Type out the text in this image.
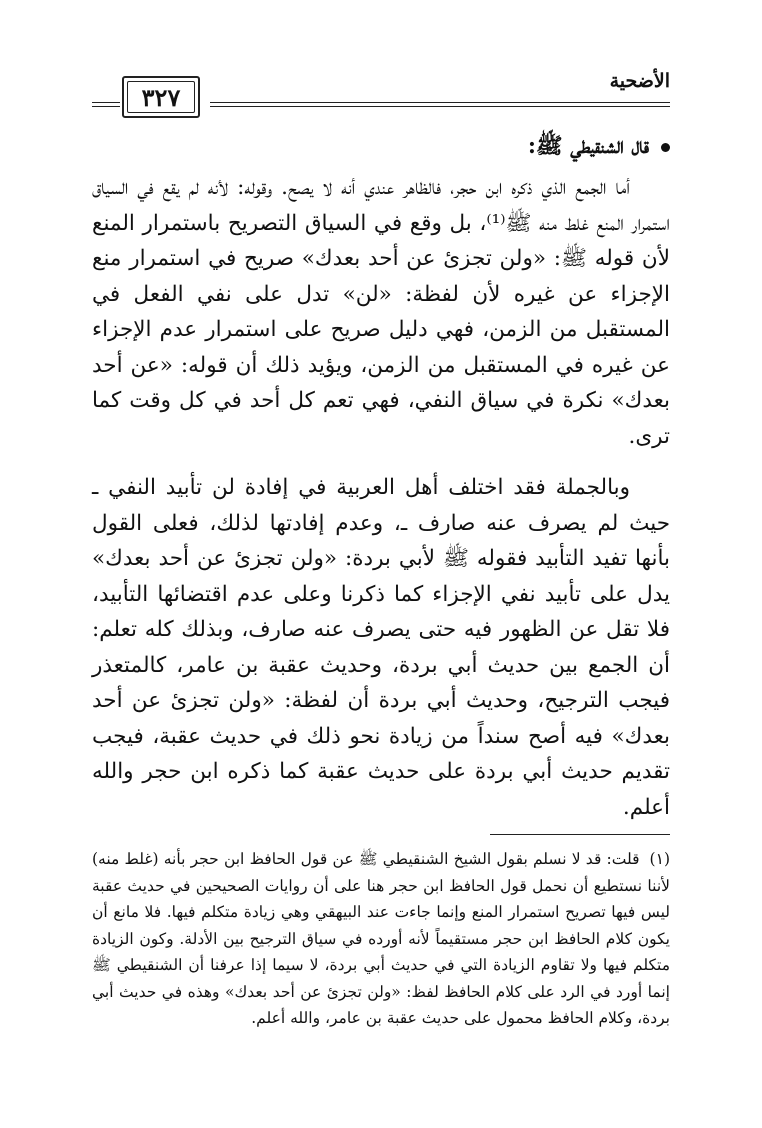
الأضحية
٣٢٧
قال الشنقيطي ﷺ:

أما الجمع الذي ذكره ابن حجر، فالظاهر عندي أنه لا يصح. وقوله: لأنه لم يقع في السياق استمرار المنع غلط منه ﷺ⁽¹⁾، بل وقع في السياق التصريح باستمرار المنع لأن قوله ﷺ: «ولن تجزئ عن أحد بعدك» صريح في استمرار منع الإجزاء عن غيره لأن لفظة: «لن» تدل على نفي الفعل في المستقبل من الزمن، فهي دليل صريح على استمرار عدم الإجزاء عن غيره في المستقبل من الزمن، ويؤيد ذلك أن قوله: «عن أحد بعدك» نكرة في سياق النفي، فهي تعم كل أحد في كل وقت كما ترى.

وبالجملة فقد اختلف أهل العربية في إفادة لن تأبيد النفي ـ حيث لم يصرف عنه صارف ـ، وعدم إفادتها لذلك، فعلى القول بأنها تفيد التأبيد فقوله ﷺ لأبي بردة: «ولن تجزئ عن أحد بعدك» يدل على تأبيد نفي الإجزاء كما ذكرنا وعلى عدم اقتضائها التأبيد، فلا تقل عن الظهور فيه حتى يصرف عنه صارف، وبذلك كله تعلم: أن الجمع بين حديث أبي بردة، وحديث عقبة بن عامر، كالمتعذر فيجب الترجيح، وحديث أبي بردة أن لفظة: «ولن تجزئ عن أحد بعدك» فيه أصح سنداً من زيادة نحو ذلك في حديث عقبة، فيجب تقديم حديث أبي بردة على حديث عقبة كما ذكره ابن حجر والله أعلم.

(١)قلت: قد لا نسلم بقول الشيخ الشنقيطي ﷺ عن قول الحافظ ابن حجر بأنه (غلط منه) لأننا نستطيع أن نحمل قول الحافظ ابن حجر هنا على أن روايات الصحيحين في حديث عقبة ليس فيها تصريح استمرار المنع وإنما جاءت عند البيهقي وهي زيادة متكلم فيها. فلا مانع أن يكون كلام الحافظ ابن حجر مستقيماً لأنه أورده في سياق الترجيح بين الأدلة. وكون الزيادة متكلم فيها ولا تقاوم الزيادة التي في حديث أبي بردة، لا سيما إذا عرفنا أن الشنقيطي ﷺ إنما أورد في الرد على كلام الحافظ لفظ: «ولن تجزئ عن أحد بعدك» وهذه في حديث أبي بردة، وكلام الحافظ محمول على حديث عقبة بن عامر، والله أعلم.
